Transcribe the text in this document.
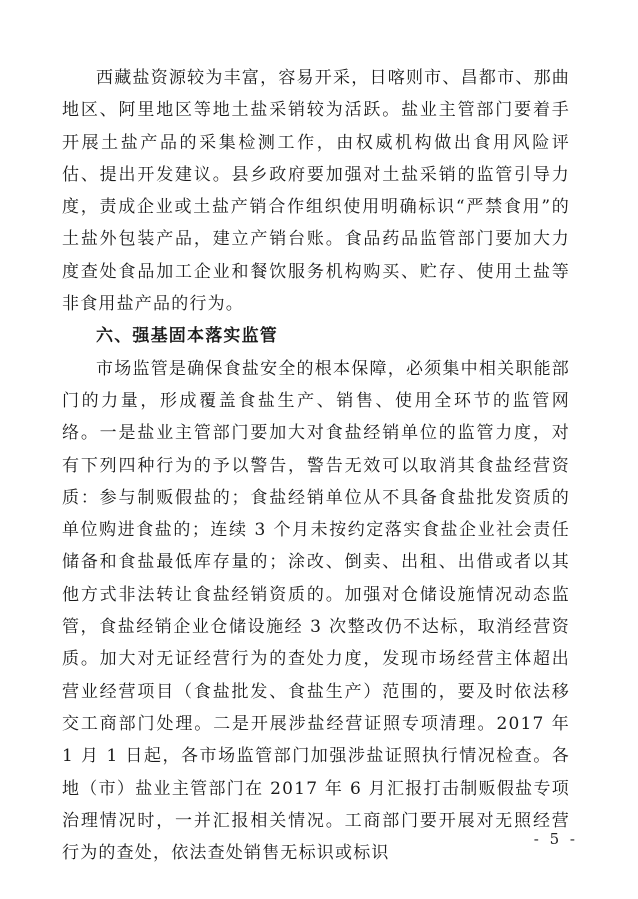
西藏盐资源较为丰富，容易开采，日喀则市、昌都市、那曲地区、阿里地区等地土盐采销较为活跃。盐业主管部门要着手开展土盐产品的采集检测工作，由权威机构做出食用风险评估、提出开发建议。县乡政府要加强对土盐采销的监管引导力度，责成企业或土盐产销合作组织使用明确标识“严禁食用”的土盐外包装产品，建立产销台账。食品药品监管部门要加大力度查处食品加工企业和餐饮服务机构购买、贮存、使用土盐等非食用盐产品的行为。

六、强基固本落实监管

市场监管是确保食盐安全的根本保障，必须集中相关职能部门的力量，形成覆盖食盐生产、销售、使用全环节的监管网络。一是盐业主管部门要加大对食盐经销单位的监管力度，对有下列四种行为的予以警告，警告无效可以取消其食盐经营资质：参与制贩假盐的；食盐经销单位从不具备食盐批发资质的单位购进食盐的；连续 3 个月未按约定落实食盐企业社会责任储备和食盐最低库存量的；涂改、倒卖、出租、出借或者以其他方式非法转让食盐经销资质的。加强对仓储设施情况动态监管，食盐经销企业仓储设施经 3 次整改仍不达标，取消经营资质。加大对无证经营行为的查处力度，发现市场经营主体超出营业经营项目（食盐批发、食盐生产）范围的，要及时依法移交工商部门处理。二是开展涉盐经营证照专项清理。2017 年 1 月 1 日起，各市场监管部门加强涉盐证照执行情况检查。各地（市）盐业主管部门在 2017 年 6 月汇报打击制贩假盐专项治理情况时，一并汇报相关情况。工商部门要开展对无照经营行为的查处，依法查处销售无标识或标识

- 5 -
